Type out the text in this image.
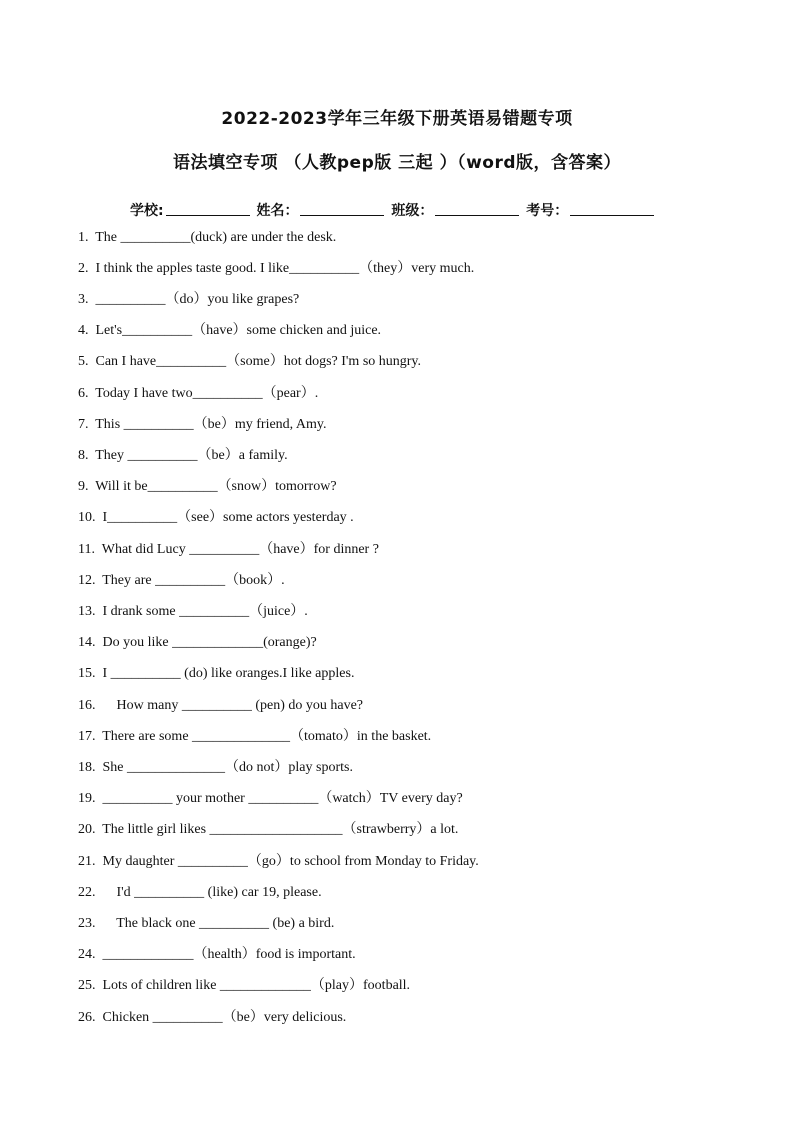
2022-2023学年三年级下册英语易错题专项
语法填空专项 （人教pep版 三起 ）（word版，含答案）
学校:	姓名：	班级：	考号：
1.  The __________(duck) are under the desk.
2.  I think the apples taste good. I like__________（they）very much.
3.  __________（do）you like grapes?
4.  Let's__________（have）some chicken and juice.
5.  Can I have__________（some）hot dogs? I'm so hungry.
6.  Today I have two__________（pear）.
7.  This __________（be）my friend, Amy.
8.  They __________（be）a family.
9.  Will it be__________（snow）tomorrow?
10.  I__________（see）some actors yesterday .
11.  What did Lucy __________（have）for dinner ?
12.  They are __________（book）.
13.  I drank some __________（juice）.
14.  Do you like _____________(orange)?
15.  I __________ (do) like oranges.I like apples.
16.      How many __________ (pen) do you have?
17.  There are some ______________（tomato）in the basket.
18.  She ______________（do not）play sports.
19.  __________ your mother __________（watch）TV every day?
20.  The little girl likes ___________________（strawberry）a lot.
21.  My daughter __________（go）to school from Monday to Friday.
22.      I'd __________ (like) car 19, please.
23.      The black one __________ (be) a bird.
24.  _____________（health）food is important.
25.  Lots of children like _____________（play）football.
26.  Chicken __________（be）very delicious.
